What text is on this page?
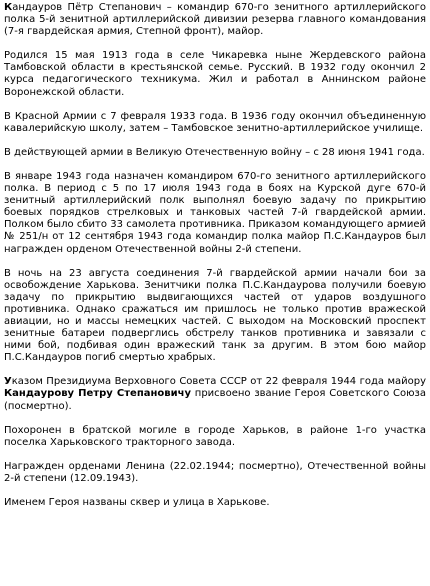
Кандауров Пётр Степанович – командир 670-го зенитного артиллерийского полка 5-й зенитной артиллерийской дивизии резерва главного командования (7-я гвардейская армия, Степной фронт), майор.

Родился 15 мая 1913 года в селе Чикаревка ныне Жердевского района Тамбовской области в крестьянской семье. Русский. В 1932 году окончил 2 курса педагогического техникума. Жил и работал в Аннинском районе Воронежской области.

В Красной Армии с 7 февраля 1933 года. В 1936 году окончил объединенную кавалерийскую школу, затем – Тамбовское зенитно-артиллерийское училище.

В действующей армии в Великую Отечественную войну – с 28 июня 1941 года.

В январе 1943 года назначен командиром 670-го зенитного артиллерийского полка. В период с 5 по 17 июля 1943 года в боях на Курской дуге 670-й зенитный артиллерийский полк выполнял боевую задачу по прикрытию боевых порядков стрелковых и танковых частей 7-й гвардейской армии. Полком было сбито 33 самолета противника. Приказом командующего армией № 251/н от 12 сентября 1943 года командир полка майор П.С.Кандауров был награжден орденом Отечественной войны 2-й степени.

В ночь на 23 августа соединения 7-й гвардейской армии начали бои за освобождение Харькова. Зенитчики полка П.С.Кандаурова получили боевую задачу по прикрытию выдвигающихся частей от ударов воздушного противника. Однако сражаться им пришлось не только против вражеской авиации, но и массы немецких частей. С выходом на Московский проспект зенитные батареи подверглись обстрелу танков противника и завязали с ними бой, подбивая один вражеский танк за другим. В этом бою майор П.С.Кандауров погиб смертью храбрых.

Указом Президиума Верховного Совета СССР от 22 февраля 1944 года майору Кандаурову Петру Степановичу присвоено звание Героя Советского Союза (посмертно).

Похоронен в братской могиле в городе Харьков, в районе 1-го участка поселка Харьковского тракторного завода.

Награжден орденами Ленина (22.02.1944; посмертно), Отечественной войны 2-й степени (12.09.1943).

Именем Героя названы сквер и улица в Харькове.
